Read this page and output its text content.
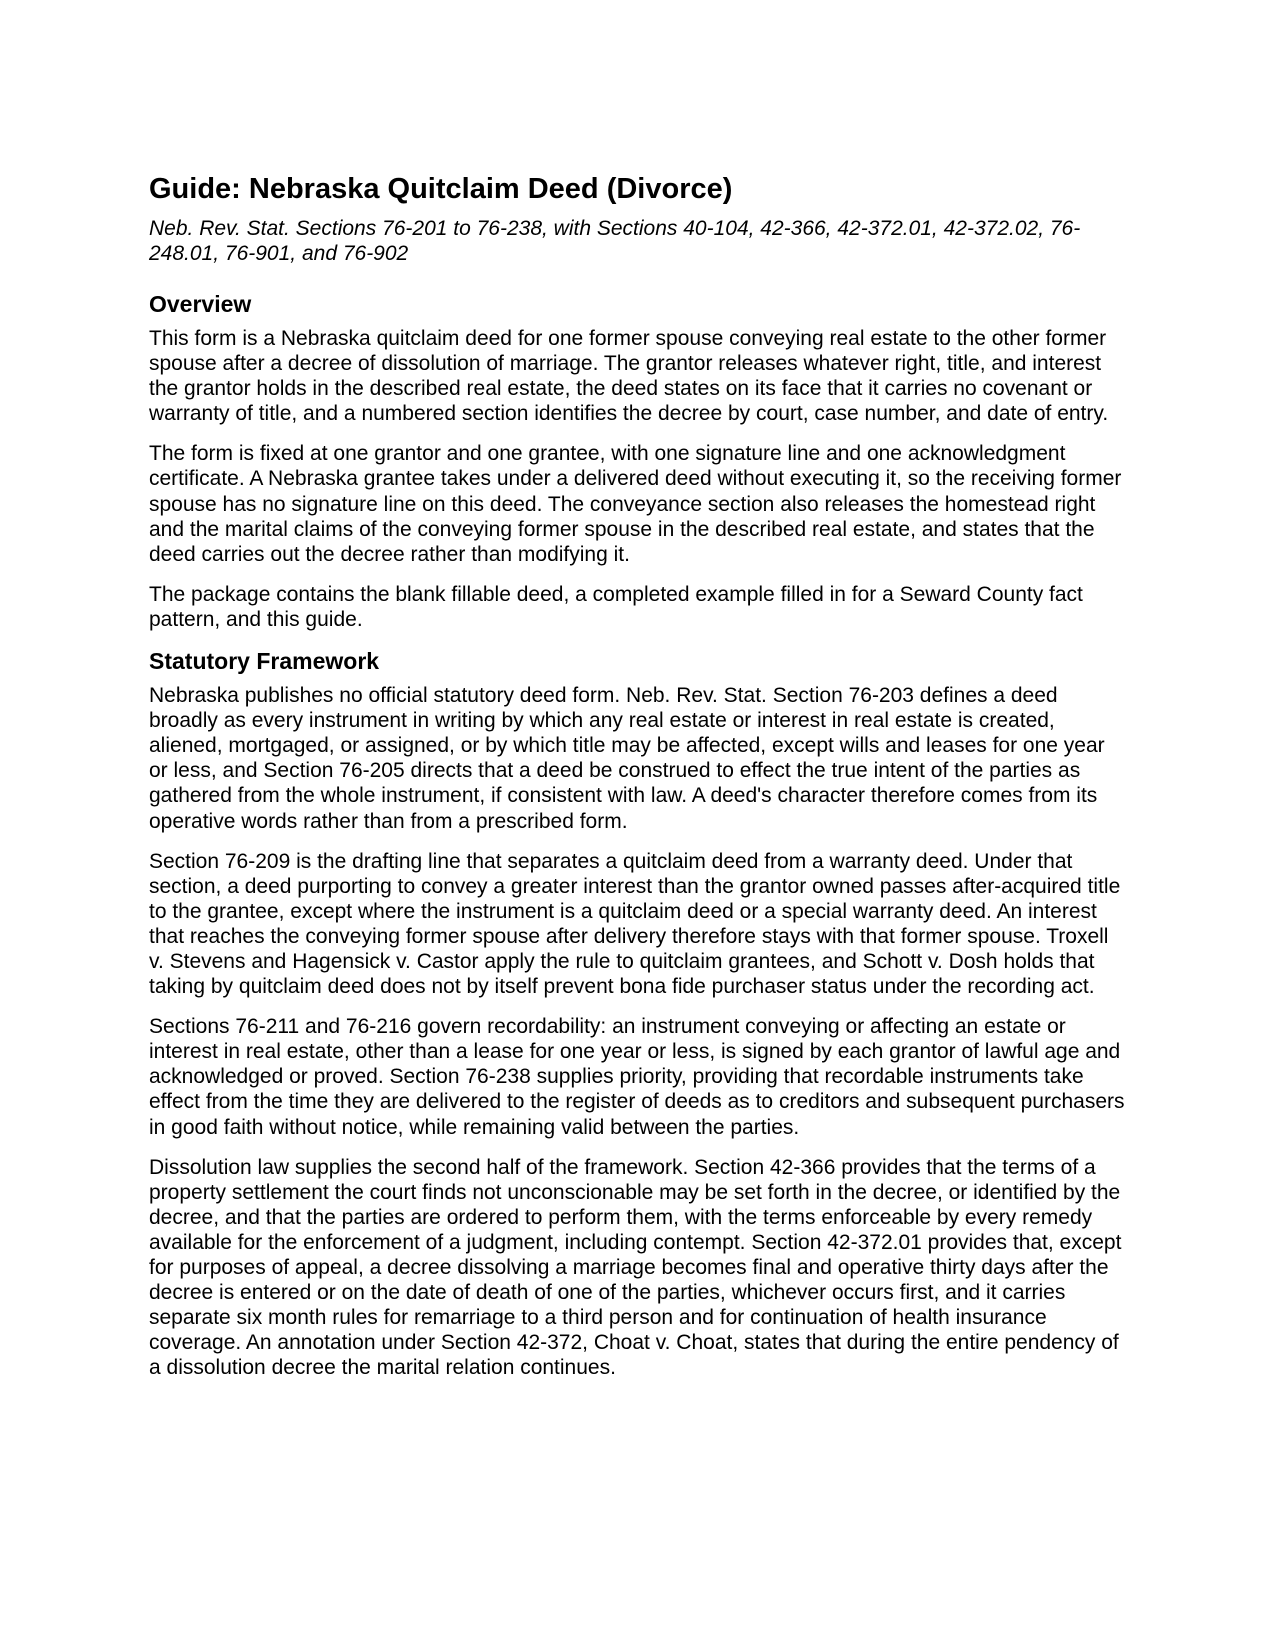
Guide: Nebraska Quitclaim Deed (Divorce)

Neb. Rev. Stat. Sections 76-201 to 76-238, with Sections 40-104, 42-366, 42-372.01, 42-372.02, 76-248.01, 76-901, and 76-902

Overview

This form is a Nebraska quitclaim deed for one former spouse conveying real estate to the other former spouse after a decree of dissolution of marriage. The grantor releases whatever right, title, and interest the grantor holds in the described real estate, the deed states on its face that it carries no covenant or warranty of title, and a numbered section identifies the decree by court, case number, and date of entry.

The form is fixed at one grantor and one grantee, with one signature line and one acknowledgment certificate. A Nebraska grantee takes under a delivered deed without executing it, so the receiving former spouse has no signature line on this deed. The conveyance section also releases the homestead right and the marital claims of the conveying former spouse in the described real estate, and states that the deed carries out the decree rather than modifying it.

The package contains the blank fillable deed, a completed example filled in for a Seward County fact pattern, and this guide.

Statutory Framework

Nebraska publishes no official statutory deed form. Neb. Rev. Stat. Section 76-203 defines a deed broadly as every instrument in writing by which any real estate or interest in real estate is created, aliened, mortgaged, or assigned, or by which title may be affected, except wills and leases for one year or less, and Section 76-205 directs that a deed be construed to effect the true intent of the parties as gathered from the whole instrument, if consistent with law. A deed's character therefore comes from its operative words rather than from a prescribed form.

Section 76-209 is the drafting line that separates a quitclaim deed from a warranty deed. Under that section, a deed purporting to convey a greater interest than the grantor owned passes after-acquired title to the grantee, except where the instrument is a quitclaim deed or a special warranty deed. An interest that reaches the conveying former spouse after delivery therefore stays with that former spouse. Troxell v. Stevens and Hagensick v. Castor apply the rule to quitclaim grantees, and Schott v. Dosh holds that taking by quitclaim deed does not by itself prevent bona fide purchaser status under the recording act.

Sections 76-211 and 76-216 govern recordability: an instrument conveying or affecting an estate or interest in real estate, other than a lease for one year or less, is signed by each grantor of lawful age and acknowledged or proved. Section 76-238 supplies priority, providing that recordable instruments take effect from the time they are delivered to the register of deeds as to creditors and subsequent purchasers in good faith without notice, while remaining valid between the parties.

Dissolution law supplies the second half of the framework. Section 42-366 provides that the terms of a property settlement the court finds not unconscionable may be set forth in the decree, or identified by the decree, and that the parties are ordered to perform them, with the terms enforceable by every remedy available for the enforcement of a judgment, including contempt. Section 42-372.01 provides that, except for purposes of appeal, a decree dissolving a marriage becomes final and operative thirty days after the decree is entered or on the date of death of one of the parties, whichever occurs first, and it carries separate six month rules for remarriage to a third person and for continuation of health insurance coverage. An annotation under Section 42-372, Choat v. Choat, states that during the entire pendency of a dissolution decree the marital relation continues.
